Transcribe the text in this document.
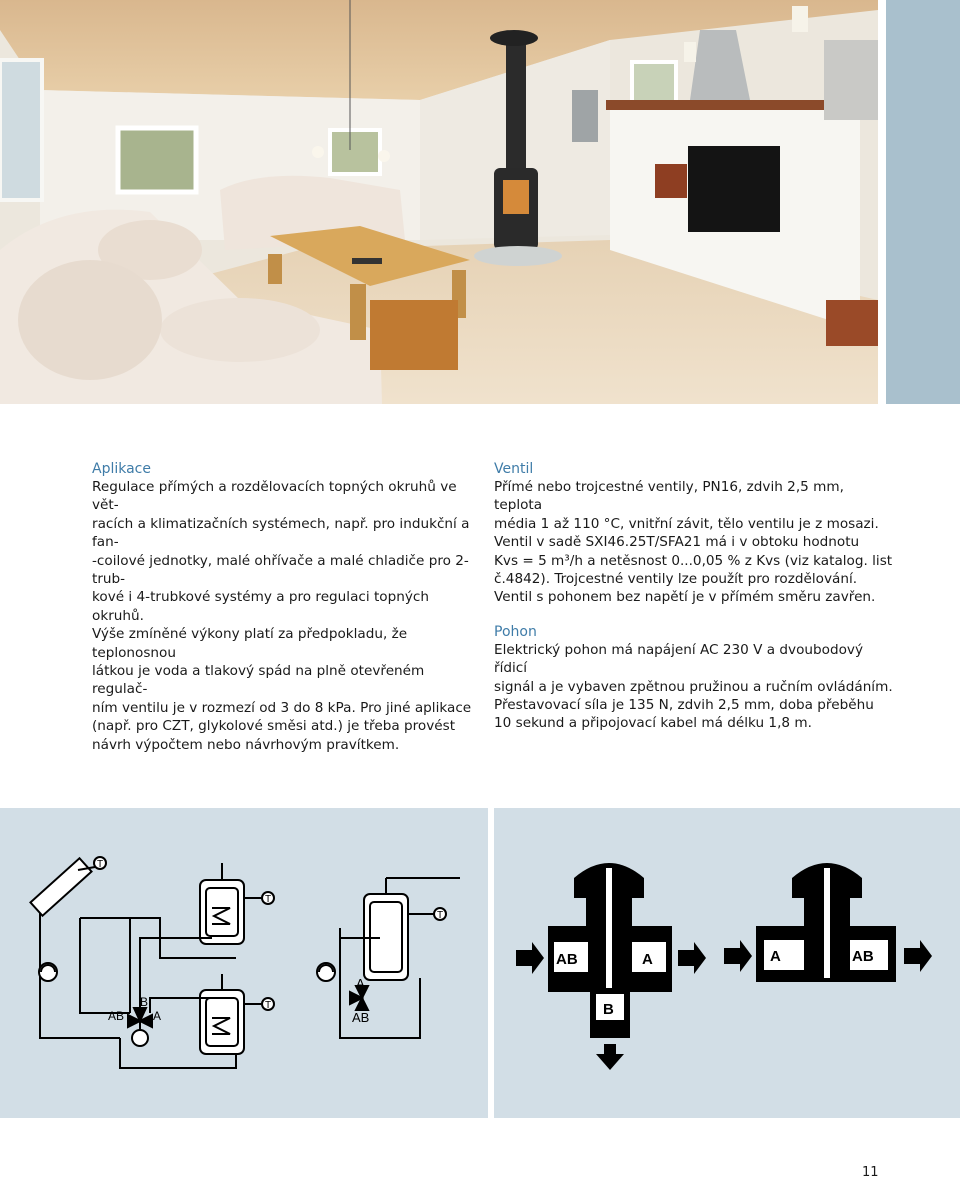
Aplikace

Regulace přímých a rozdělovacích topných okruhů ve vět-
racích a klimatizačních systémech, např. pro indukční a fan-
-coilové jednotky, malé ohřívače a malé chladiče pro 2-trub-
kové i 4-trubkové systémy a pro regulaci topných okruhů.
Výše zmíněné výkony platí za předpokladu, že teplonosnou
látkou je voda a tlakový spád na plně otevřeném regulač-
ním ventilu je v rozmezí od 3 do 8 kPa. Pro jiné aplikace
(např. pro CZT, glykolové směsi atd.) je třeba provést
návrh výpočtem nebo návrhovým pravítkem.

Ventil

Přímé nebo trojcestné ventily, PN16, zdvih 2,5 mm, teplota
média 1 až 110 °C, vnitřní závit, tělo ventilu je z mosazi.
Ventil v sadě SXI46.25T/SFA21 má i v obtoku hodnotu
Kvs = 5 m³/h a netěsnost 0...0,05 % z Kvs (viz katalog. list
č.4842). Trojcestné ventily lze použít pro rozdělování.
Ventil s pohonem bez napětí je v přímém směru zavřen.

Pohon

Elektrický pohon má napájení AC 230 V a dvoubodový řídicí
signál a je vybaven zpětnou pružinou a ručním ovládáním.
Přestavovací síla je 135 N, zdvih 2,5 mm, doba přeběhu
10 sekund a připojovací kabel má délku 1,8 m.

T
T
T
AB
B
A
T
A
AB
AB	A
B
A	AB
11
